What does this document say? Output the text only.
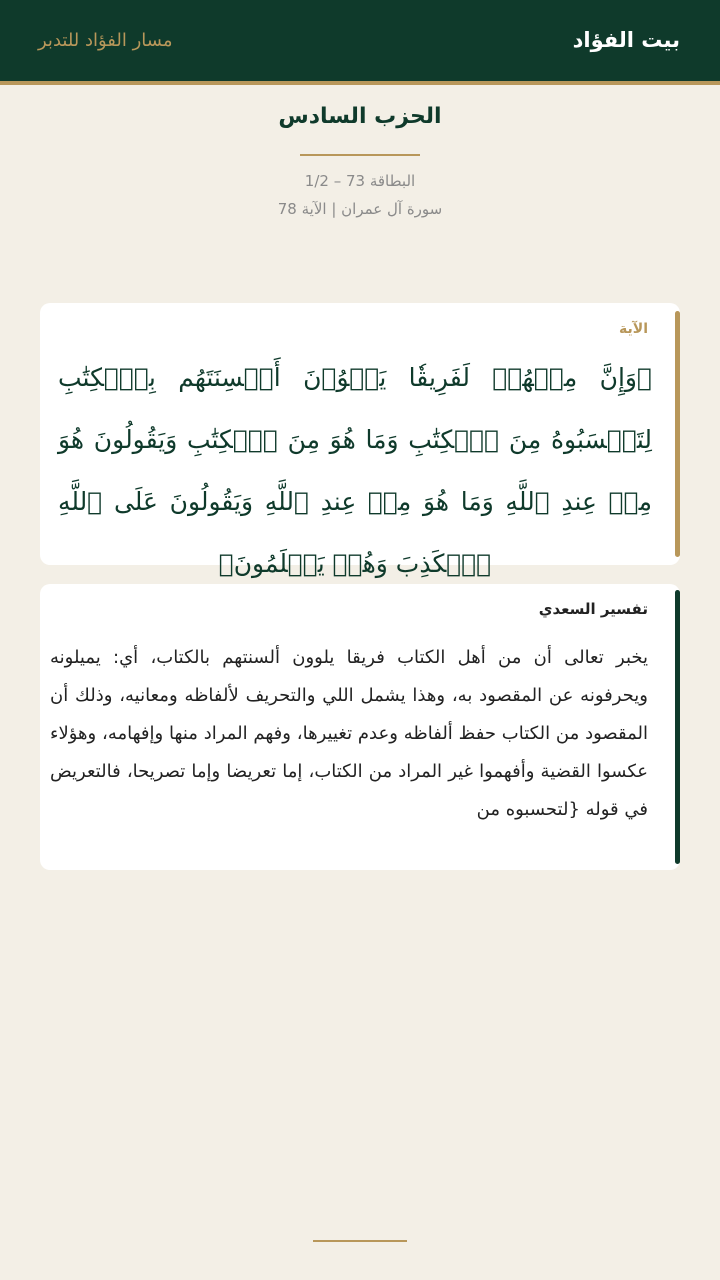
بيت الفؤاد
مسار الفؤاد للتدبر
الحزب السادس
البطاقة 73 – 1/2
سورة آل عمران | الآية 78
الآية
﴿وَإِنَّ مِنۡهُمۡ لَفَرِيقٗا يَلۡوُۥنَ أَلۡسِنَتَهُم بِٱلۡكِتَٰبِ لِتَحۡسَبُوهُ مِنَ ٱلۡكِتَٰبِ وَمَا هُوَ مِنَ ٱلۡكِتَٰبِ وَيَقُولُونَ هُوَ مِنۡ عِندِ ٱللَّهِ وَمَا هُوَ مِنۡ عِندِ ٱللَّهِ وَيَقُولُونَ عَلَى ٱللَّهِ ٱلۡكَذِبَ وَهُمۡ يَعۡلَمُونَ﴾
تفسير السعدي
يخبر تعالى أن من أهل الكتاب فريقا يلوون ألسنتهم بالكتاب، أي: يميلونه ويحرفونه عن المقصود به، وهذا يشمل اللي والتحريف لألفاظه ومعانيه، وذلك أن المقصود من الكتاب حفظ ألفاظه وعدم تغييرها، وفهم المراد منها وإفهامه، وهؤلاء عكسوا القضية وأفهموا غير المراد من الكتاب، إما تعريضا وإما تصريحا، فالتعريض في قوله {لتحسبوه من
